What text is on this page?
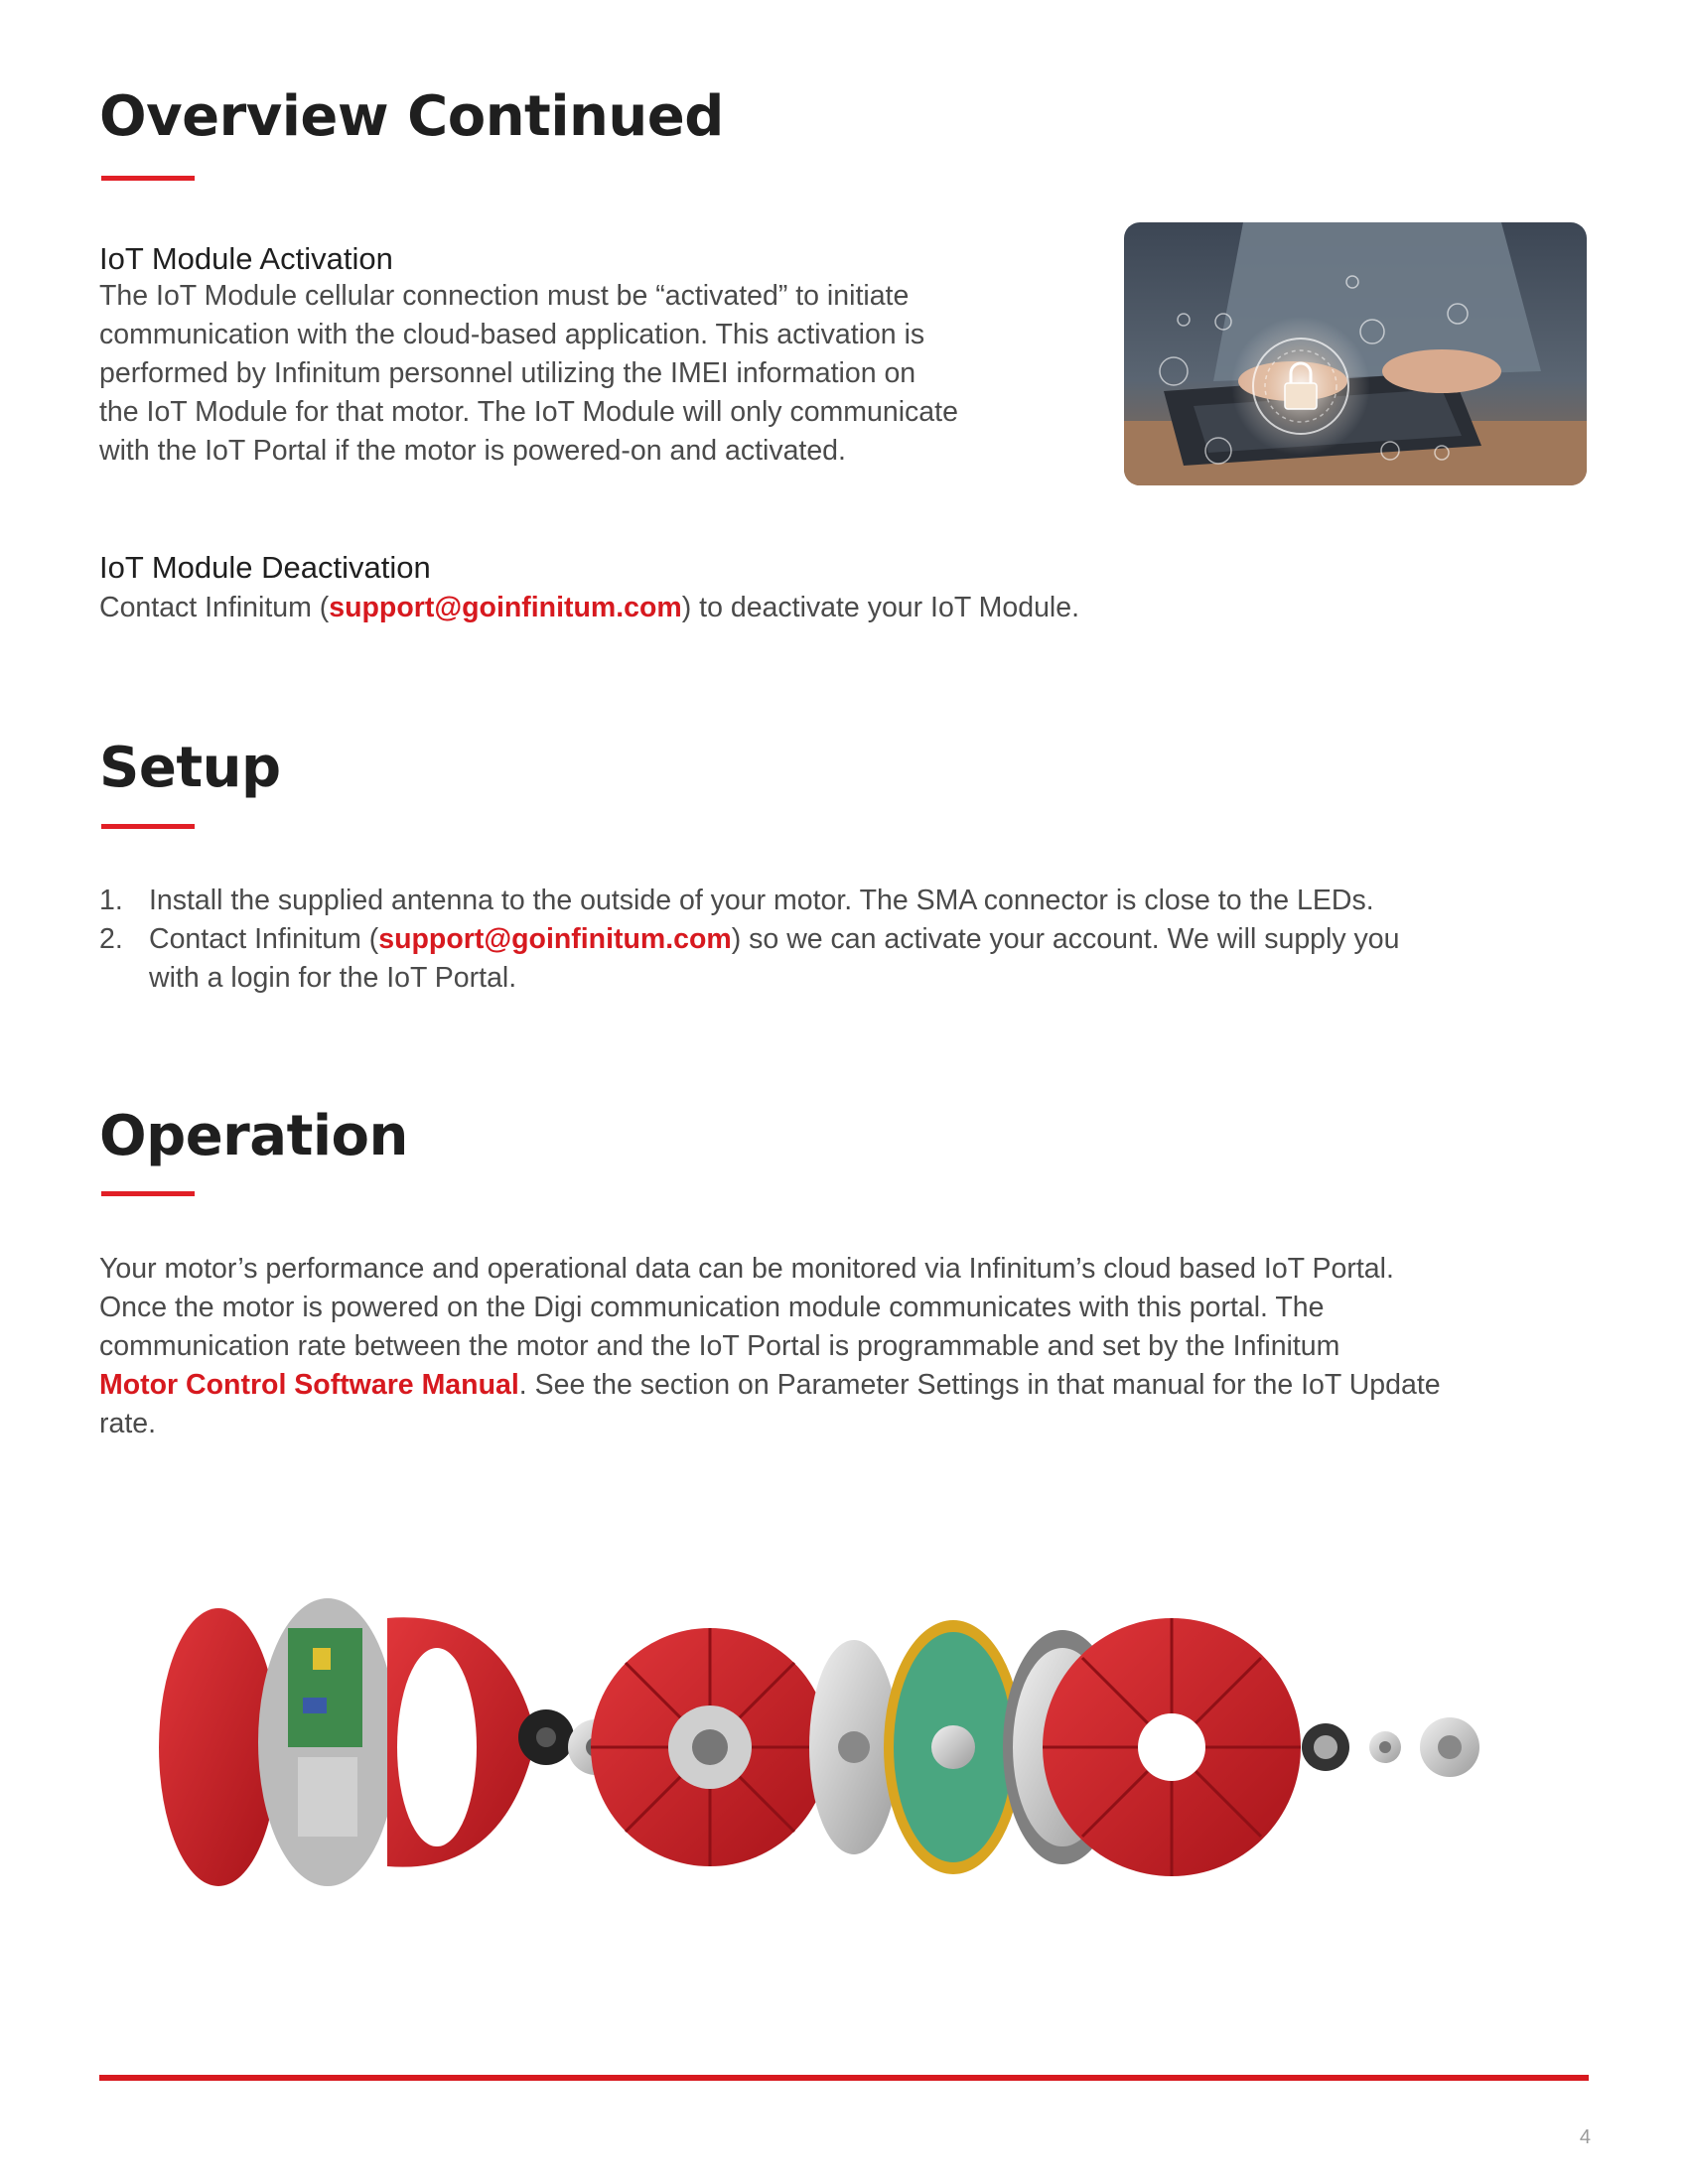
Overview Continued
IoT Module Activation

The IoT Module cellular connection must be “activated” to initiate
communication with the cloud-based application. This activation is
performed by Infinitum personnel utilizing the IMEI information on
the IoT Module for that motor. The IoT Module will only communicate
with the IoT Portal if the motor is powered-on and activated.

IoT Module Deactivation

Contact Infinitum (support@goinfinitum.com) to deactivate your IoT Module.

Setup
1. Install the supplied antenna to the outside of your motor. The SMA connector is close to the LEDs.
2. Contact Infinitum (support@goinfinitum.com) so we can activate your account. We will supply you
with a login for the IoT Portal.
Operation

Your motor’s performance and operational data can be monitored via Infinitum’s cloud based IoT Portal.
Once the motor is powered on the Digi communication module communicates with this portal. The
communication rate between the motor and the IoT Portal is programmable and set by the Infinitum
Motor Control Software Manual. See the section on Parameter Settings in that manual for the IoT Update
rate.

4
